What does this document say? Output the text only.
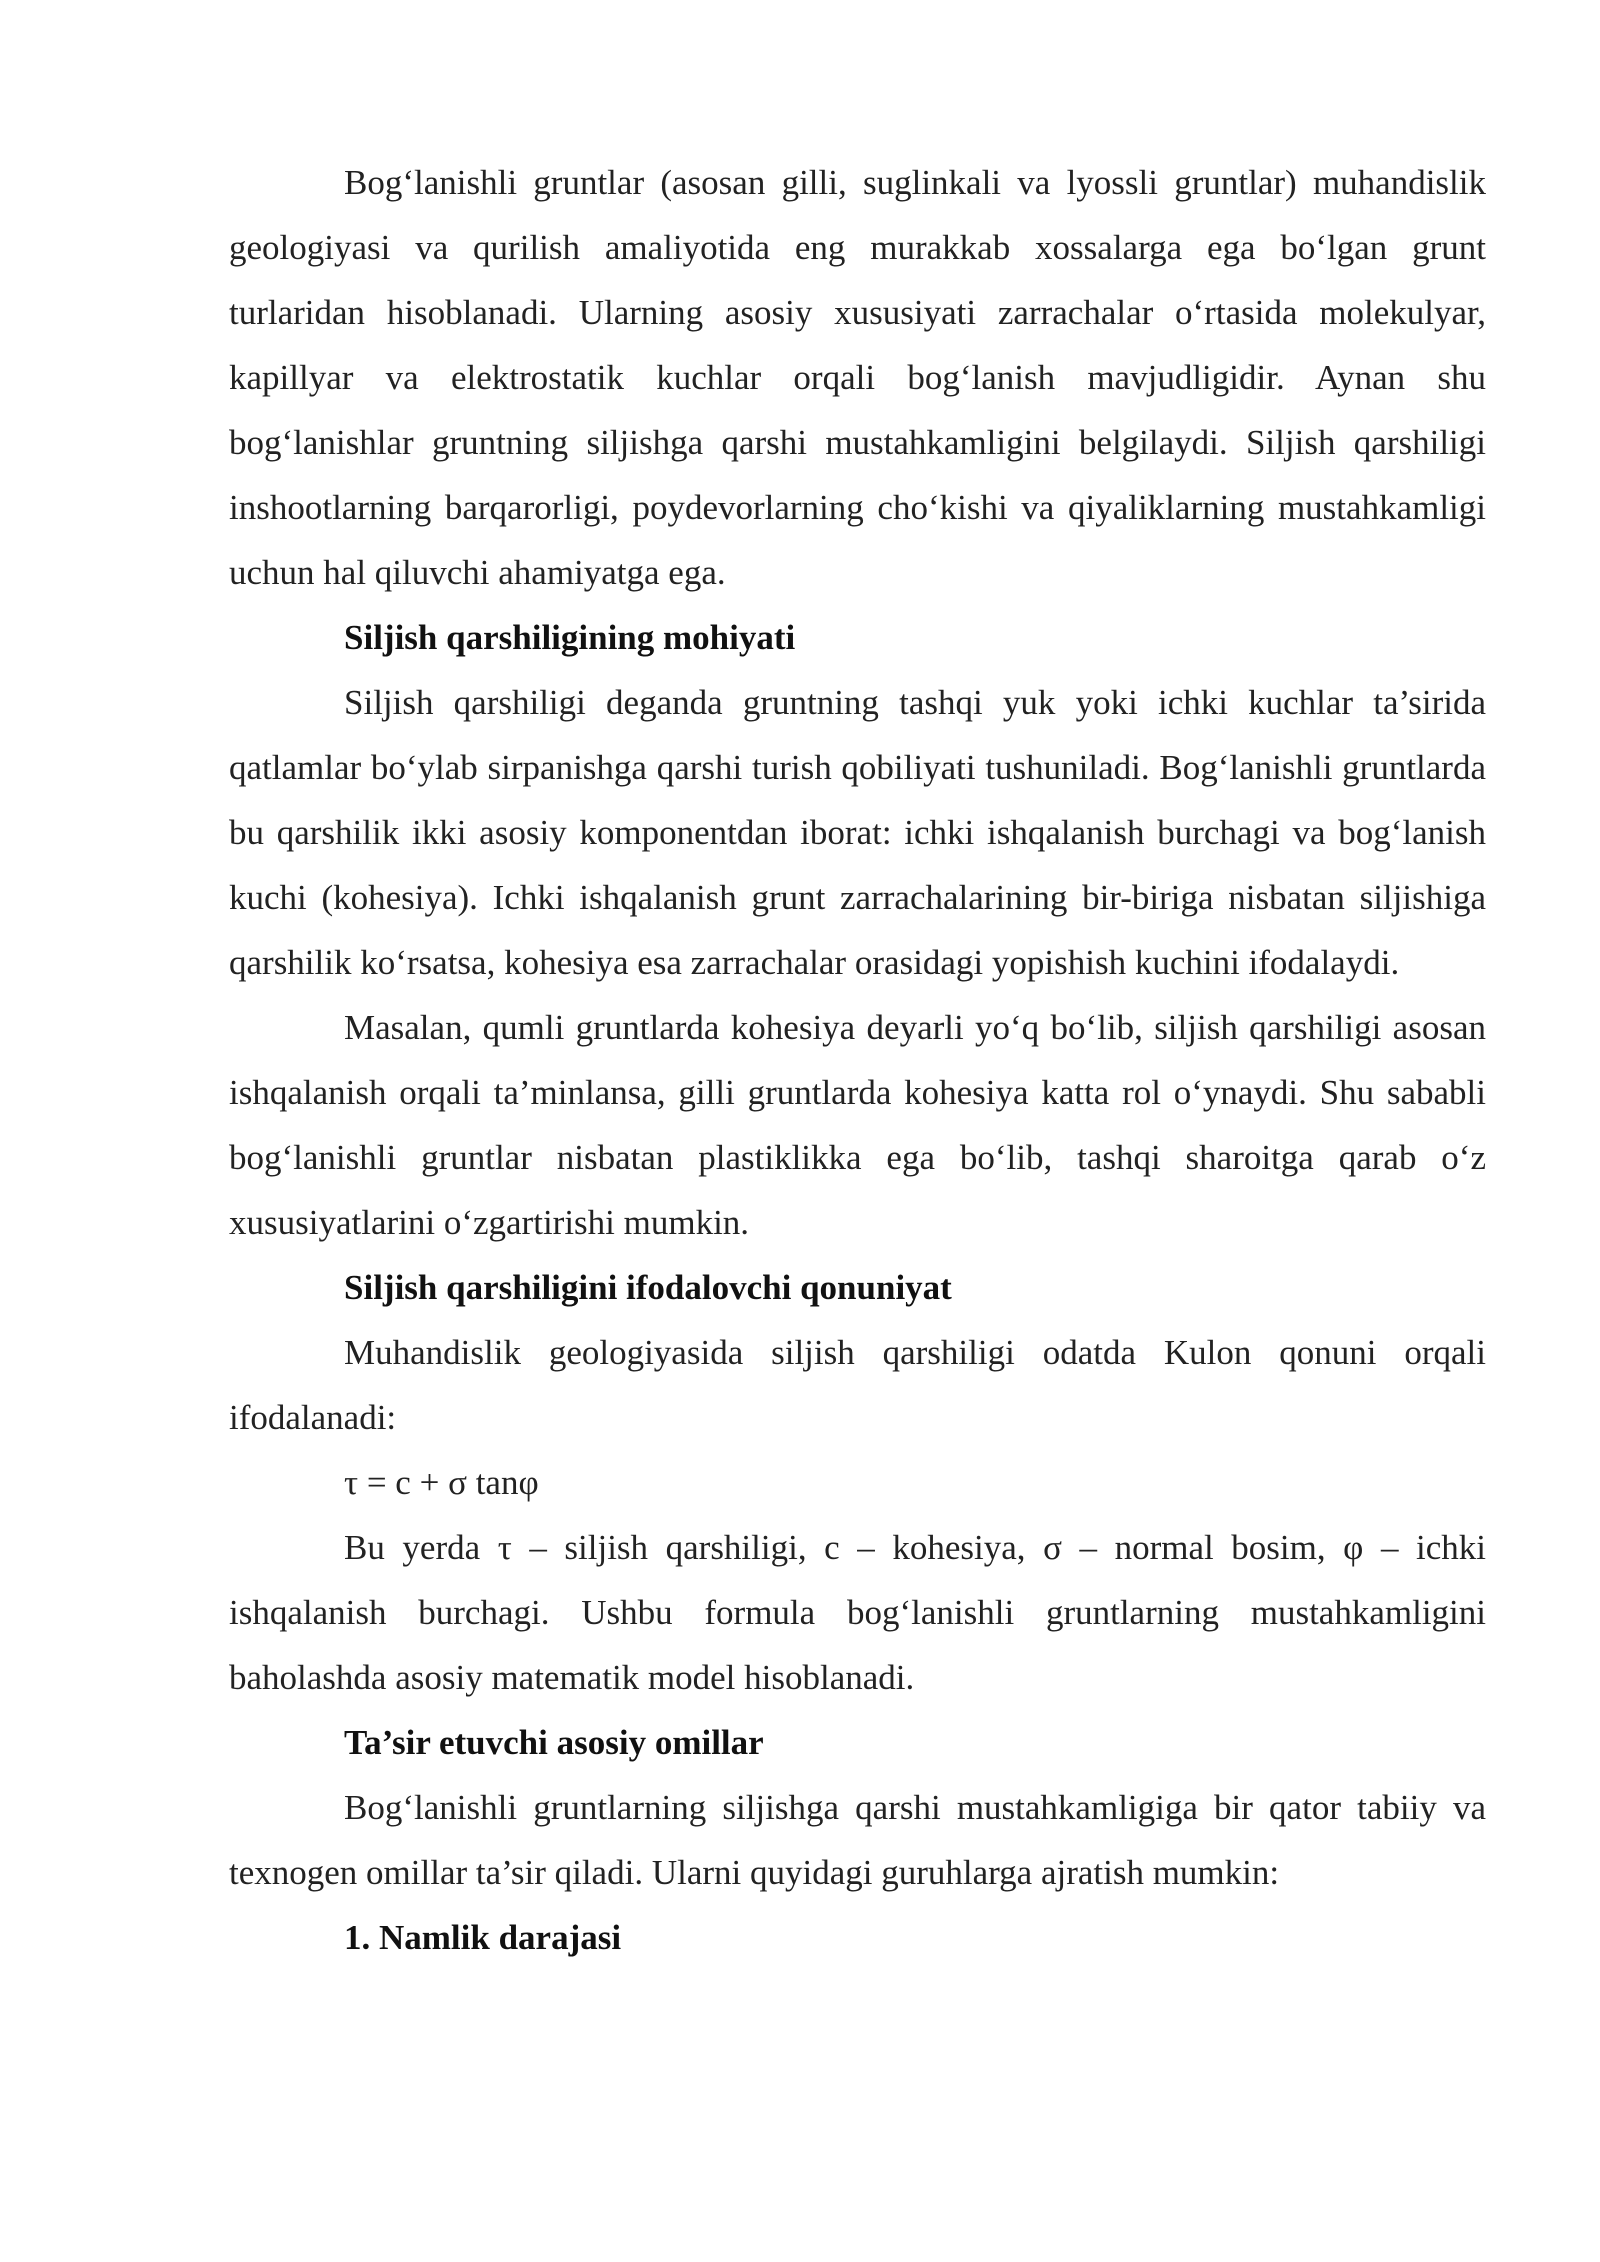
Bog‘lanishli gruntlar (asosan gilli, suglinkali va lyossli gruntlar) muhandislik geologiyasi va qurilish amaliyotida eng murakkab xossalarga ega bo‘lgan grunt turlaridan hisoblanadi. Ularning asosiy xususiyati zarrachalar o‘rtasida molekulyar, kapillyar va elektrostatik kuchlar orqali bog‘lanish mavjudligidir. Aynan shu bog‘lanishlar gruntning siljishga qarshi mustahkamligini belgilaydi. Siljish qarshiligi inshootlarning barqarorligi, poydevorlarning cho‘kishi va qiyaliklarning mustahkamligi uchun hal qiluvchi ahamiyatga ega.

Siljish qarshiligining mohiyati

Siljish qarshiligi deganda gruntning tashqi yuk yoki ichki kuchlar ta’sirida qatlamlar bo‘ylab sirpanishga qarshi turish qobiliyati tushuniladi. Bog‘lanishli gruntlarda bu qarshilik ikki asosiy komponentdan iborat: ichki ishqalanish burchagi va bog‘lanish kuchi (kohesiya). Ichki ishqalanish grunt zarrachalarining bir-biriga nisbatan siljishiga qarshilik ko‘rsatsa, kohesiya esa zarrachalar orasidagi yopishish kuchini ifodalaydi.

Masalan, qumli gruntlarda kohesiya deyarli yo‘q bo‘lib, siljish qarshiligi asosan ishqalanish orqali ta’minlansa, gilli gruntlarda kohesiya katta rol o‘ynaydi. Shu sababli bog‘lanishli gruntlar nisbatan plastiklikka ega bo‘lib, tashqi sharoitga qarab o‘z xususiyatlarini o‘zgartirishi mumkin.

Siljish qarshiligini ifodalovchi qonuniyat

Muhandislik geologiyasida siljish qarshiligi odatda Kulon qonuni orqali ifodalanadi:

τ = c + σ tanφ

Bu yerda τ – siljish qarshiligi, c – kohesiya, σ – normal bosim, φ – ichki ishqalanish burchagi. Ushbu formula bog‘lanishli gruntlarning mustahkamligini baholashda asosiy matematik model hisoblanadi.

Ta’sir etuvchi asosiy omillar

Bog‘lanishli gruntlarning siljishga qarshi mustahkamligiga bir qator tabiiy va texnogen omillar ta’sir qiladi. Ularni quyidagi guruhlarga ajratish mumkin:

1. Namlik darajasi
